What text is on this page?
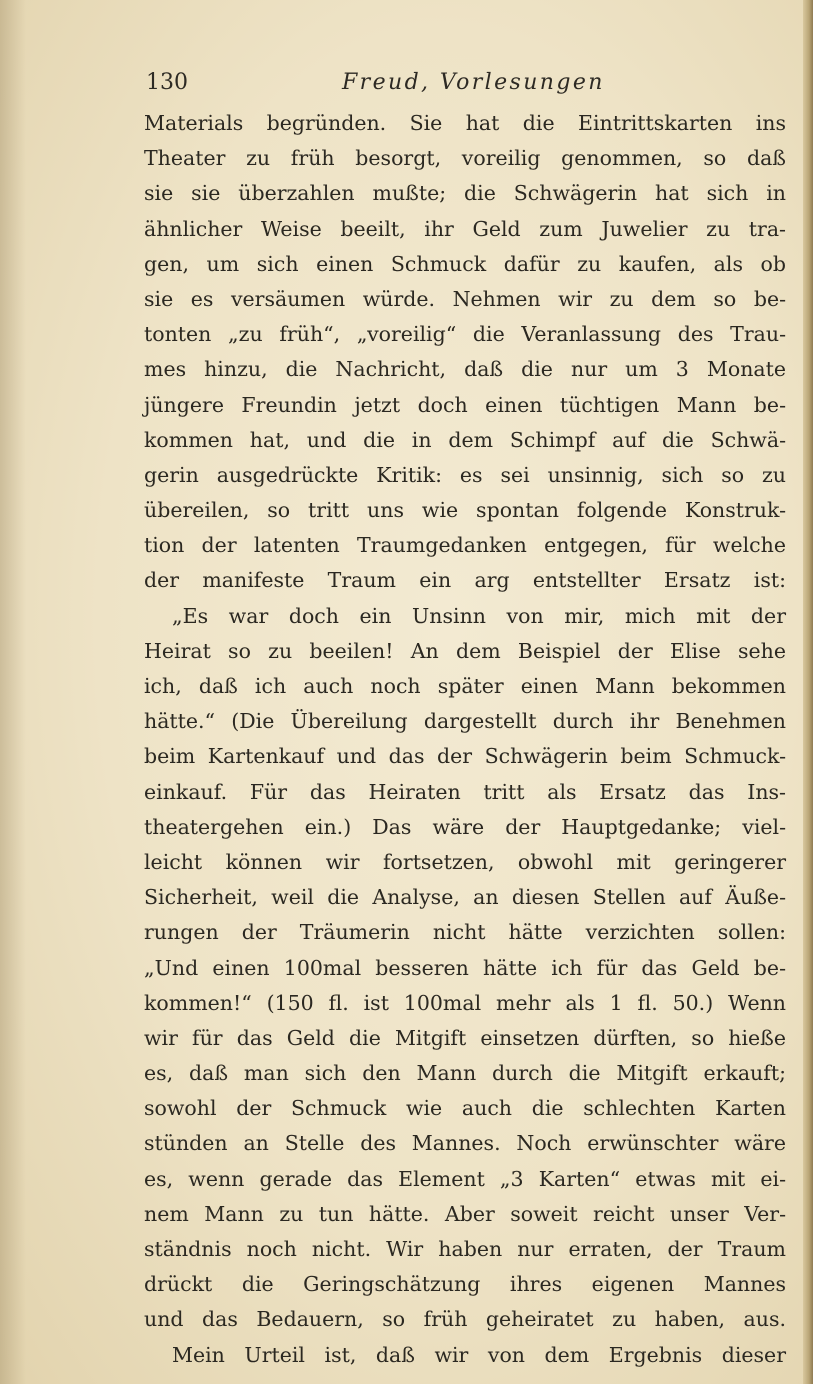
130	Freud, Vorlesungen
Materials begründen. Sie hat die Eintrittskarten ins
Theater zu früh besorgt, voreilig genommen, so daß
sie sie überzahlen mußte; die Schwägerin hat sich in
ähnlicher Weise beeilt, ihr Geld zum Juwelier zu tra-
gen, um sich einen Schmuck dafür zu kaufen, als ob
sie es versäumen würde. Nehmen wir zu dem so be-
tonten „zu früh“, „voreilig“ die Veranlassung des Trau-
mes hinzu, die Nachricht, daß die nur um 3 Monate
jüngere Freundin jetzt doch einen tüchtigen Mann be-
kommen hat, und die in dem Schimpf auf die Schwä-
gerin ausgedrückte Kritik: es sei unsinnig, sich so zu
übereilen, so tritt uns wie spontan folgende Konstruk-
tion der latenten Traumgedanken entgegen, für welche
der manifeste Traum ein arg entstellter Ersatz ist:
„Es war doch ein Unsinn von mir, mich mit der
Heirat so zu beeilen! An dem Beispiel der Elise sehe
ich, daß ich auch noch später einen Mann bekommen
hätte.“ (Die Übereilung dargestellt durch ihr Benehmen
beim Kartenkauf und das der Schwägerin beim Schmuck-
einkauf. Für das Heiraten tritt als Ersatz das Ins-
theatergehen ein.) Das wäre der Hauptgedanke; viel-
leicht können wir fortsetzen, obwohl mit geringerer
Sicherheit, weil die Analyse, an diesen Stellen auf Äuße-
rungen der Träumerin nicht hätte verzichten sollen:
„Und einen 100mal besseren hätte ich für das Geld be-
kommen!“ (150 fl. ist 100mal mehr als 1 fl. 50.) Wenn
wir für das Geld die Mitgift einsetzen dürften, so hieße
es, daß man sich den Mann durch die Mitgift erkauft;
sowohl der Schmuck wie auch die schlechten Karten
stünden an Stelle des Mannes. Noch erwünschter wäre
es, wenn gerade das Element „3 Karten“ etwas mit ei-
nem Mann zu tun hätte. Aber soweit reicht unser Ver-
ständnis noch nicht. Wir haben nur erraten, der Traum
drückt die Geringschätzung ihres eigenen Mannes
und das Bedauern, so früh geheiratet zu haben, aus.
Mein Urteil ist, daß wir von dem Ergebnis dieser
